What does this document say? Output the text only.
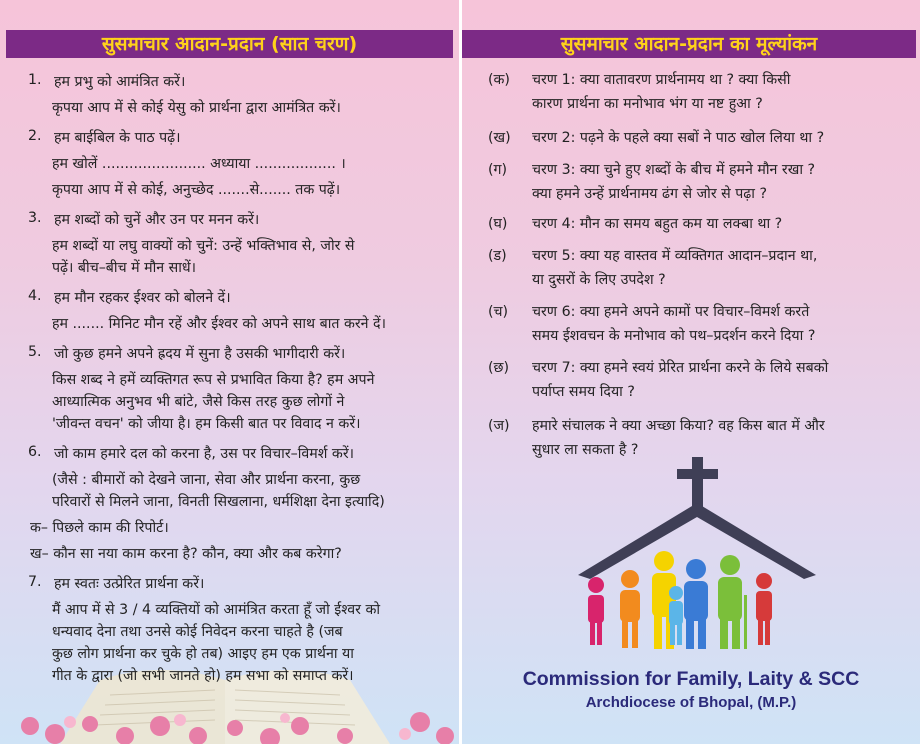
सुसमाचार आदान-प्रदान (सात चरण)
1. हम प्रभु को आमंत्रित करें।
कृपया आप में से कोई येसु को प्रार्थना द्वारा आमंत्रित करें।
2. हम बाईबिल के पाठ पढ़ें।
हम खोलें ....................... अध्याया .................. ।
कृपया आप में से कोई, अनुच्छेद .......से....... तक पढ़ें।
3. हम शब्दों को चुनें और उन पर मनन करें।
हम शब्दों या लघु वाक्यों को चुनें: उन्हें भक्तिभाव से, जोर से
पढ़ें। बीच–बीच में मौन साधें।
4. हम मौन रहकर ईश्वर को बोलने दें।
हम ....... मिनिट मौन रहें और ईश्वर को अपने साथ बात करने दें।
5. जो कुछ हमने अपने ह्रदय में सुना है उसकी भागीदारी करें।
किस शब्द ने हमें व्यक्तिगत रूप से प्रभावित किया है? हम अपने
आध्यात्मिक अनुभव भी बांटे, जैसे किस तरह कुछ लोगों ने
'जीवन्त वचन' को जीया है। हम किसी बात पर विवाद न करें।
6. जो काम हमारे दल को करना है, उस पर विचार–विमर्श करें।
(जैसे : बीमारों को देखने जाना, सेवा और प्रार्थना करना, कुछ
परिवारों से मिलने जाना, विनती सिखलाना, धर्मशिक्षा देना इत्यादि)
क– पिछले काम की रिपोर्ट।
ख– कौन सा नया काम करना है? कौन, क्या और कब करेगा?
7. हम स्वतः उत्प्रेरित प्रार्थना करें।
मैं आप में से 3 / 4 व्यक्तियों को आमंत्रित करता हूँ जो ईश्वर को
धन्यवाद देना तथा उनसे कोई निवेदन करना चाहते है (जब
कुछ लोग प्रार्थना कर चुके हो तब) आइए हम एक प्रार्थना या
गीत के द्वारा (जो सभी जानते हो) हम सभा को समाप्त करें।
सुसमाचार आदान-प्रदान का मूल्यांकन
(क) चरण 1: क्या वातावरण प्रार्थनामय था ? क्या किसी
कारण प्रार्थना का मनोभाव भंग या नष्ट हुआ ?
(ख) चरण 2: पढ़ने के पहले क्या सबों ने पाठ खोल लिया था ?
(ग) चरण 3: क्या चुने हुए शब्दों के बीच में हमने मौन रखा ?
क्या हमने उन्हें प्रार्थनामय ढंग से जोर से पढ़ा ?
(घ) चरण 4: मौन का समय बहुत कम या लक्बा था ?
(ड) चरण 5: क्या यह वास्तव में व्यक्तिगत आदान–प्रदान था,
या दुसरों के लिए उपदेश ?
(च) चरण 6: क्या हमने अपने कामों पर विचार–विमर्श करते
समय ईशवचन के मनोभाव को पथ–प्रदर्शन करने दिया ?
(छ) चरण 7: क्या हमने स्वयं प्रेरित प्रार्थना करने के लिये सबको
पर्याप्त समय दिया ?
(ज) हमारे संचालक ने क्या अच्छा किया? वह किस बात में और
सुधार ला सकता है ?
Commission for Family, Laity & SCC
Archdiocese of Bhopal, (M.P.)
